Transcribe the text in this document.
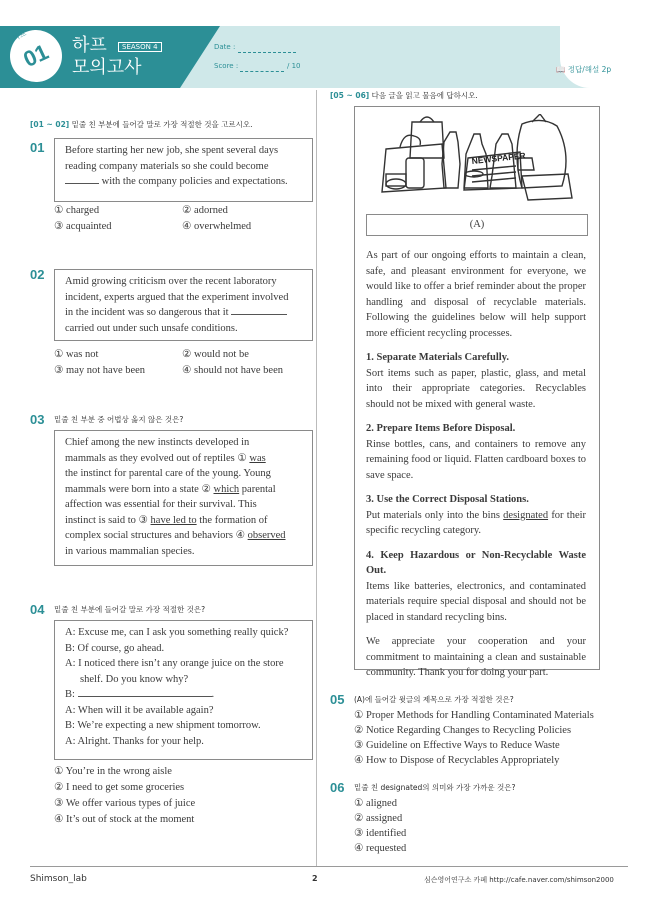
01
하프 하프
모의고사
SEASON 4	Date :
Score :	/ 10	📖 정답/해설 2p
[01 ~ 02] 밑줄 친 부분에 들어갈 말로 가장 적절한 것을 고르시오.
01 Before starting her new job, she spent several days
reading company materials so she could become
with the company policies and expectations.
① charged	② adorned
③ acquainted	④ overwhelmed
02 Amid growing criticism over the recent laboratory
incident, experts argued that the experiment involved
in the incident was so dangerous that it
carried out under such unsafe conditions.
① was not	② would not be
③ may not have been	④ should not have been
03 밑줄 친 부분 중 어법상 옳지 않은 것은?
Chief among the new instincts developed in
mammals as they evolved out of reptiles ① was
the instinct for parental care of the young. Young
mammals were born into a state ② which parental
affection was essential for their survival. This
instinct is said to ③ have led to the formation of
complex social structures and behaviors ④ observed
in various mammalian species.
04 밑줄 친 부분에 들어갈 말로 가장 적절한 것은?
A: Excuse me, can I ask you something really quick?
B: Of course, go ahead.
A: I noticed there isn’t any orange juice on the store
shelf. Do you know why?
B:	.
A: When will it be available again?
B: We’re expecting a new shipment tomorrow.
A: Alright. Thanks for your help.
① You’re in the wrong aisle
② I need to get some groceries
③ We offer various types of juice
④ It’s out of stock at the moment
[05 ~ 06] 다음 글을 읽고 물음에 답하시오.
NEWSPAPER
(A)

As part of our ongoing efforts to maintain a clean, safe, and pleasant environment for everyone, we would like to offer a brief reminder about the proper handling and disposal of recyclable materials. Following the guidelines below will help support more efficient recycling processes.

1. Separate Materials Carefully.

Sort items such as paper, plastic, glass, and metal into their appropriate categories. Recyclables should not be mixed with general waste.

2. Prepare Items Before Disposal.

Rinse bottles, cans, and containers to remove any remaining food or liquid. Flatten cardboard boxes to save space.

3. Use the Correct Disposal Stations.

Put materials only into the bins designated for their specific recycling category.

4. Keep Hazardous or Non-Recyclable Waste Out.

Items like batteries, electronics, and contaminated materials require special disposal and should not be placed in standard recycling bins.

We appreciate your cooperation and your commitment to maintaining a clean and sustainable community. Thank you for doing your part.

05 (A)에 들어갈 윗글의 제목으로 가장 적절한 것은?
① Proper Methods for Handling Contaminated Materials
② Notice Regarding Changes to Recycling Policies
③ Guideline on Effective Ways to Reduce Waste
④ How to Dispose of Recyclables Appropriately
06 밑줄 친 designated의 의미와 가장 가까운 것은?
① aligned
② assigned
③ identified
④ requested
Shimson_lab	2	심슨영어연구소 카페 http://cafe.naver.com/shimson2000
